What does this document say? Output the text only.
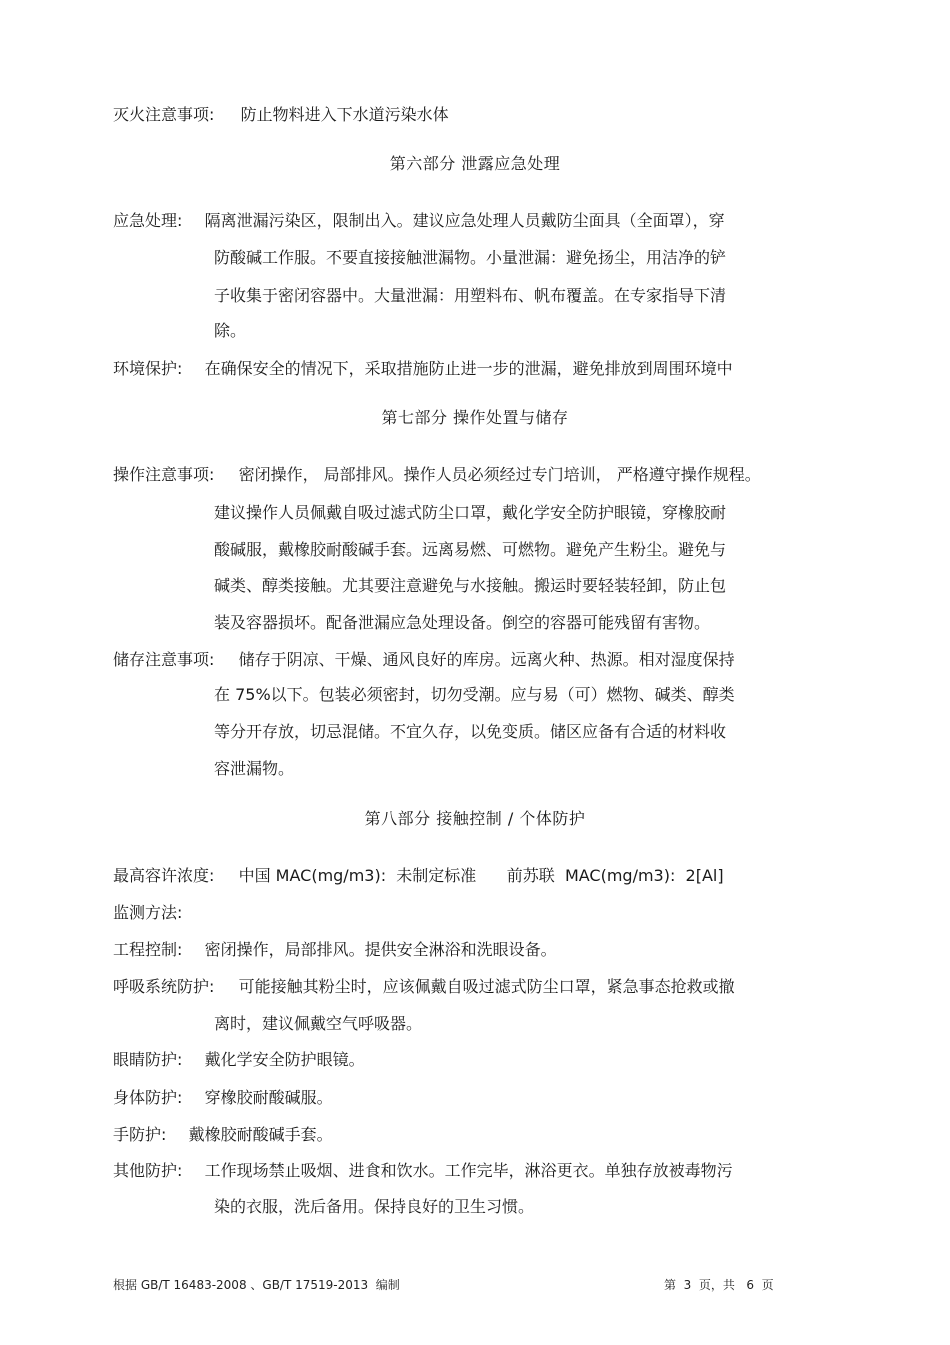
灭火注意事项: 防止物料进入下水道污染水体
第六部分 泄露应急处理
应急处理: 隔离泄漏污染区，限制出入。建议应急处理人员戴防尘面具（全面罩），穿
防酸碱工作服。不要直接接触泄漏物。小量泄漏：避免扬尘，用洁净的铲
子收集于密闭容器中。大量泄漏：用塑料布、帆布覆盖。在专家指导下清
除。
环境保护: 在确保安全的情况下，采取措施防止进一步的泄漏，避免排放到周围环境中
第七部分 操作处置与储存
操作注意事项: 密闭操作， 局部排风。操作人员必须经过专门培训， 严格遵守操作规程。
建议操作人员佩戴自吸过滤式防尘口罩，戴化学安全防护眼镜，穿橡胶耐
酸碱服，戴橡胶耐酸碱手套。远离易燃、可燃物。避免产生粉尘。避免与
碱类、醇类接触。尤其要注意避免与水接触。搬运时要轻装轻卸，防止包
装及容器损坏。配备泄漏应急处理设备。倒空的容器可能残留有害物。
储存注意事项: 储存于阴凉、干燥、通风良好的库房。远离火种、热源。相对湿度保持
在 75%以下。包装必须密封，切勿受潮。应与易（可）燃物、碱类、醇类
等分开存放，切忌混储。不宜久存，以免变质。储区应备有合适的材料收
容泄漏物。
第八部分 接触控制 / 个体防护
最高容许浓度: 中国 MAC(mg/m3):  未制定标准      前苏联  MAC(mg/m3):  2[Al]
监测方法:
工程控制: 密闭操作，局部排风。提供安全淋浴和洗眼设备。
呼吸系统防护: 可能接触其粉尘时，应该佩戴自吸过滤式防尘口罩，紧急事态抢救或撤
离时，建议佩戴空气呼吸器。
眼睛防护: 戴化学安全防护眼镜。
身体防护: 穿橡胶耐酸碱服。
手防护: 戴橡胶耐酸碱手套。
其他防护: 工作现场禁止吸烟、进食和饮水。工作完毕，淋浴更衣。单独存放被毒物污
染的衣服，洗后备用。保持良好的卫生习惯。
根据 GB/T 16483-2008 、GB/T 17519-2013  编制	第  3  页，共   6  页
